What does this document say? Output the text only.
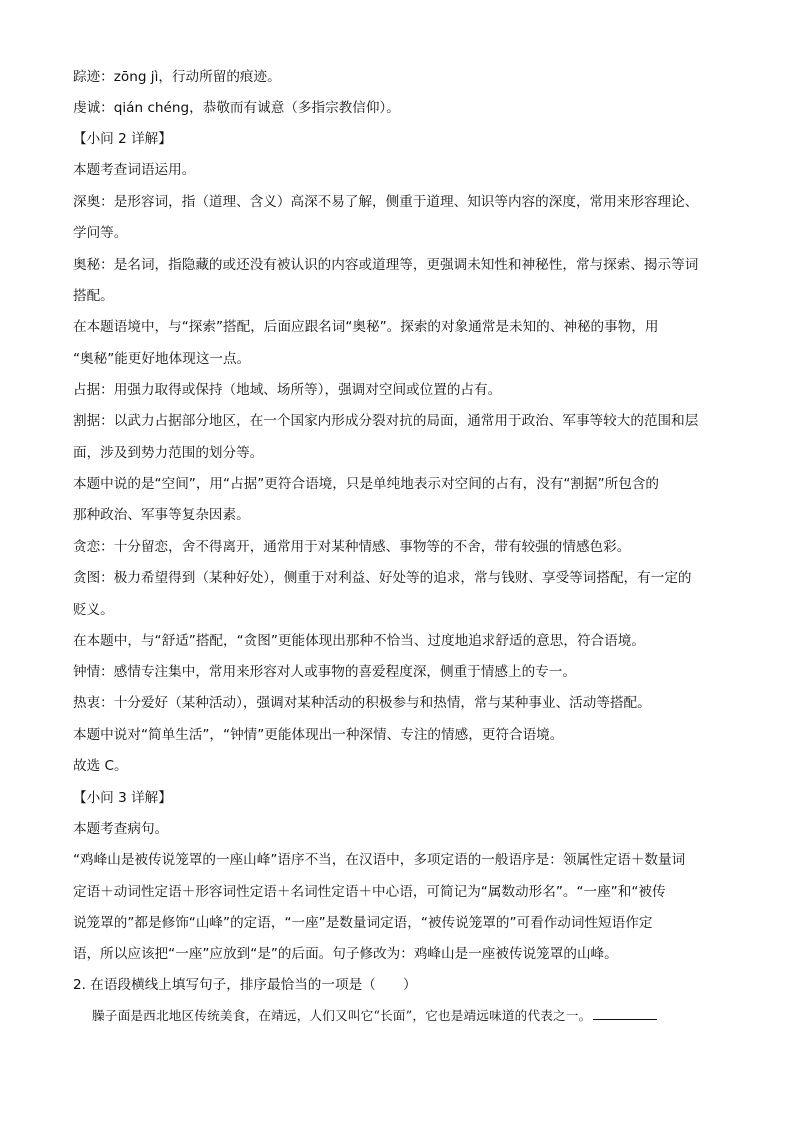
踪迹：zōng jì，行动所留的痕迹。
虔诚：qián chéng，恭敬而有诚意（多指宗教信仰）。
【小问 2 详解】
本题考查词语运用。
深奥：是形容词，指（道理、含义）高深不易了解，侧重于道理、知识等内容的深度，常用来形容理论、
学问等。
奥秘：是名词，指隐藏的或还没有被认识的内容或道理等，更强调未知性和神秘性，常与探索、揭示等词
搭配。
在本题语境中，与“探索”搭配，后面应跟名词“奥秘”。探索的对象通常是未知的、神秘的事物，用
“奥秘”能更好地体现这一点。
占据：用强力取得或保持（地域、场所等），强调对空间或位置的占有。
割据：以武力占据部分地区，在一个国家内形成分裂对抗的局面，通常用于政治、军事等较大的范围和层
面，涉及到势力范围的划分等。
本题中说的是“空间”，用“占据”更符合语境，只是单纯地表示对空间的占有，没有“割据”所包含的
那种政治、军事等复杂因素。
贪恋：十分留恋，舍不得离开，通常用于对某种情感、事物等的不舍，带有较强的情感色彩。
贪图：极力希望得到（某种好处），侧重于对利益、好处等的追求，常与钱财、享受等词搭配，有一定的
贬义。
在本题中，与“舒适”搭配，“贪图”更能体现出那种不恰当、过度地追求舒适的意思，符合语境。
钟情：感情专注集中，常用来形容对人或事物的喜爱程度深，侧重于情感上的专一。
热衷：十分爱好（某种活动），强调对某种活动的积极参与和热情，常与某种事业、活动等搭配。
本题中说对“简单生活”，“钟情”更能体现出一种深情、专注的情感，更符合语境。
故选 C。
【小问 3 详解】
本题考查病句。
“鸡峰山是被传说笼罩的一座山峰”语序不当，在汉语中，多项定语的一般语序是：领属性定语＋数量词
定语＋动词性定语＋形容词性定语＋名词性定语＋中心语，可简记为“属数动形名”。“一座”和“被传
说笼罩的”都是修饰“山峰”的定语，“一座”是数量词定语，“被传说笼罩的”可看作动词性短语作定
语，所以应该把“一座”应放到“是”的后面。句子修改为：鸡峰山是一座被传说笼罩的山峰。
2. 在语段横线上填写句子，排序最恰当的一项是（　　）
臊子面是西北地区传统美食，在靖远，人们又叫它“长面”，它也是靖远味道的代表之一。
